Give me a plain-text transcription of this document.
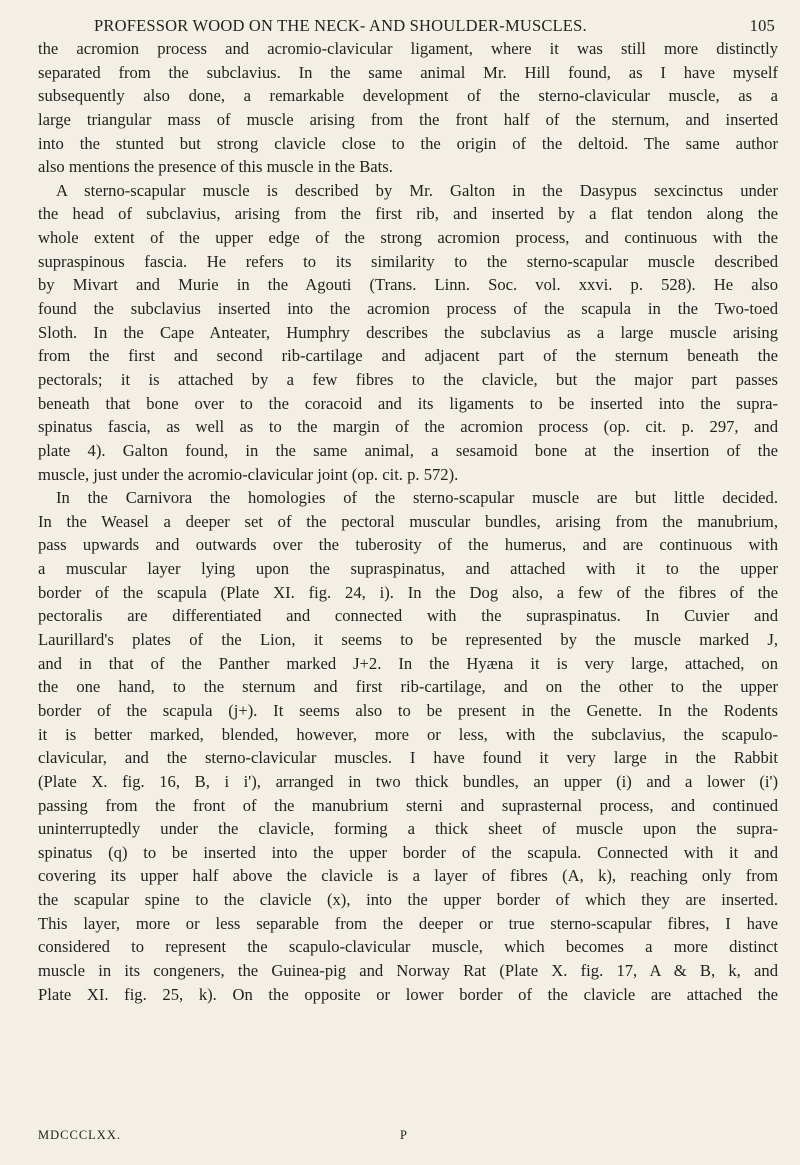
PROFESSOR WOOD ON THE NECK- AND SHOULDER-MUSCLES.	105
the acromion process and acromio-clavicular ligament, where it was still more distinctly
separated from the subclavius. In the same animal Mr. Hill found, as I have myself
subsequently also done, a remarkable development of the sterno-clavicular muscle, as a
large triangular mass of muscle arising from the front half of the sternum, and inserted
into the stunted but strong clavicle close to the origin of the deltoid. The same author
also mentions the presence of this muscle in the Bats.
A sterno-scapular muscle is described by Mr. Galton in the Dasypus sexcinctus under
the head of subclavius, arising from the first rib, and inserted by a flat tendon along the
whole extent of the upper edge of the strong acromion process, and continuous with the
supraspinous fascia. He refers to its similarity to the sterno-scapular muscle described
by Mivart and Murie in the Agouti (Trans. Linn. Soc. vol. xxvi. p. 528). He also
found the subclavius inserted into the acromion process of the scapula in the Two-toed
Sloth. In the Cape Anteater, Humphry describes the subclavius as a large muscle arising
from the first and second rib-cartilage and adjacent part of the sternum beneath the
pectorals; it is attached by a few fibres to the clavicle, but the major part passes
beneath that bone over to the coracoid and its ligaments to be inserted into the supra-
spinatus fascia, as well as to the margin of the acromion process (op. cit. p. 297, and
plate 4). Galton found, in the same animal, a sesamoid bone at the insertion of the
muscle, just under the acromio-clavicular joint (op. cit. p. 572).
In the Carnivora the homologies of the sterno-scapular muscle are but little decided.
In the Weasel a deeper set of the pectoral muscular bundles, arising from the manubrium,
pass upwards and outwards over the tuberosity of the humerus, and are continuous with
a muscular layer lying upon the supraspinatus, and attached with it to the upper
border of the scapula (Plate XI. fig. 24, i). In the Dog also, a few of the fibres of the
pectoralis are differentiated and connected with the supraspinatus. In Cuvier and
Laurillard's plates of the Lion, it seems to be represented by the muscle marked J,
and in that of the Panther marked J+2. In the Hyæna it is very large, attached, on
the one hand, to the sternum and first rib-cartilage, and on the other to the upper
border of the scapula (j+). It seems also to be present in the Genette. In the Rodents
it is better marked, blended, however, more or less, with the subclavius, the scapulo-
clavicular, and the sterno-clavicular muscles. I have found it very large in the Rabbit
(Plate X. fig. 16, B, i i'), arranged in two thick bundles, an upper (i) and a lower (i')
passing from the front of the manubrium sterni and suprasternal process, and continued
uninterruptedly under the clavicle, forming a thick sheet of muscle upon the supra-
spinatus (q) to be inserted into the upper border of the scapula. Connected with it and
covering its upper half above the clavicle is a layer of fibres (A, k), reaching only from
the scapular spine to the clavicle (x), into the upper border of which they are inserted.
This layer, more or less separable from the deeper or true sterno-scapular fibres, I have
considered to represent the scapulo-clavicular muscle, which becomes a more distinct
muscle in its congeners, the Guinea-pig and Norway Rat (Plate X. fig. 17, A & B, k, and
Plate XI. fig. 25, k). On the opposite or lower border of the clavicle are attached the
MDCCCLXX.	P
